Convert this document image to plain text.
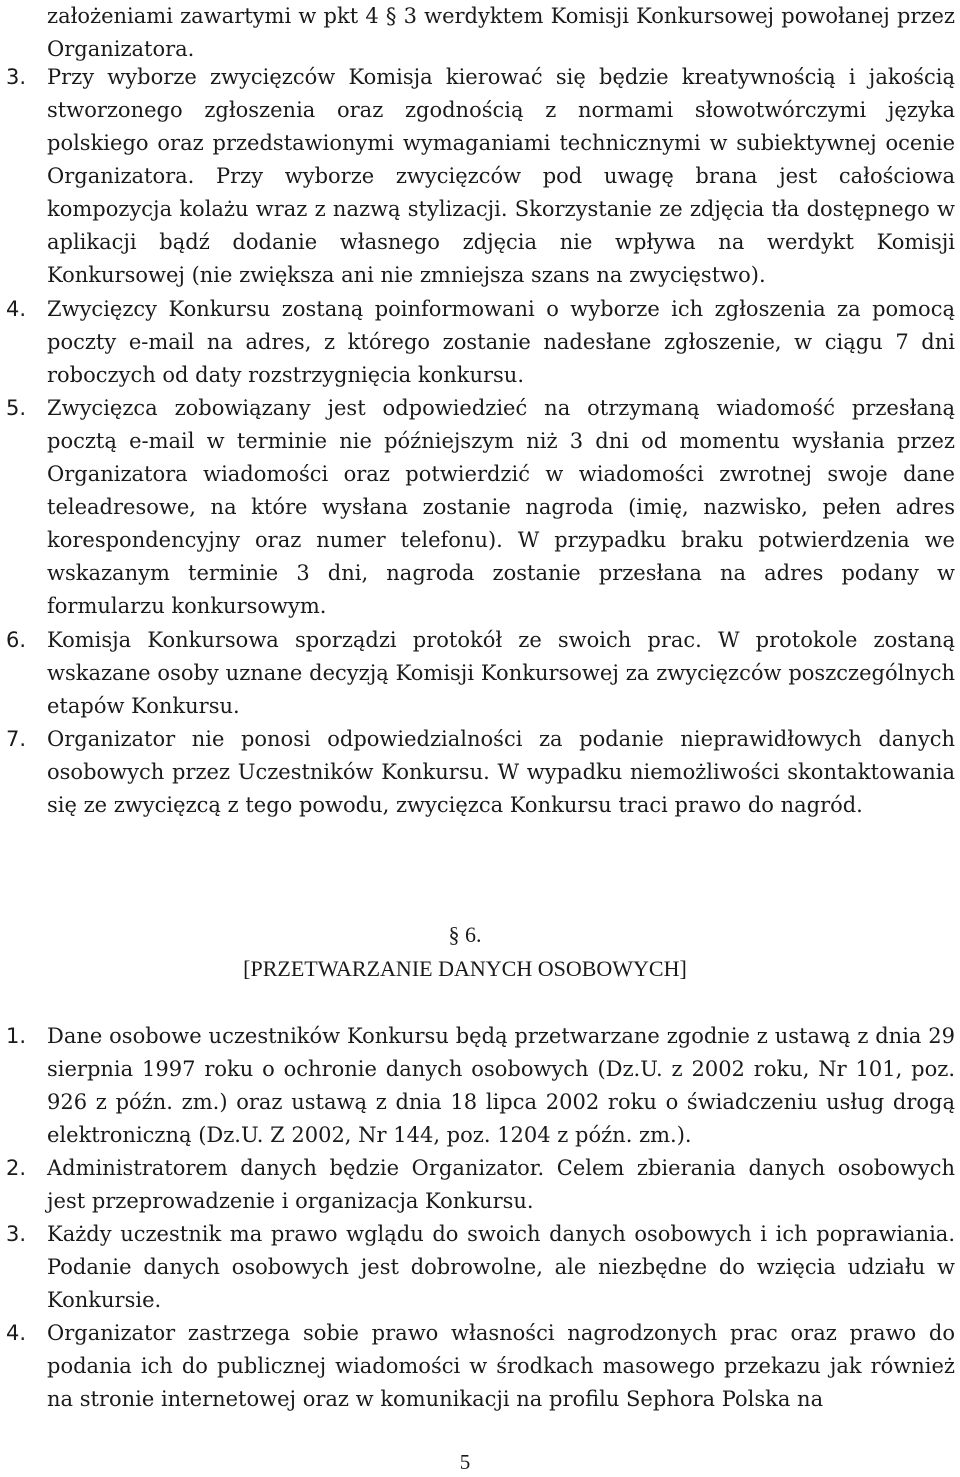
założeniami zawartymi w pkt 4 § 3 werdyktem Komisji Konkursowej powołanej przez Organizatora.
3. Przy wyborze zwycięzców Komisja kierować się będzie kreatywnością i jakością stworzonego zgłoszenia oraz zgodnością z normami słowotwórczymi języka polskiego oraz przedstawionymi wymaganiami technicznymi w subiektywnej ocenie Organizatora. Przy wyborze zwycięzców pod uwagę brana jest całościowa kompozycja kolażu wraz z nazwą stylizacji. Skorzystanie ze zdjęcia tła dostępnego w aplikacji bądź dodanie własnego zdjęcia nie wpływa na werdykt Komisji Konkursowej (nie zwiększa ani nie zmniejsza szans na zwycięstwo).
4. Zwycięzcy Konkursu zostaną poinformowani o wyborze ich zgłoszenia za pomocą poczty e-mail na adres, z którego zostanie nadesłane zgłoszenie, w ciągu 7 dni roboczych od daty rozstrzygnięcia konkursu.
5. Zwycięzca zobowiązany jest odpowiedzieć na otrzymaną wiadomość przesłaną pocztą e-mail w terminie nie późniejszym niż 3 dni od momentu wysłania przez Organizatora wiadomości oraz potwierdzić w wiadomości zwrotnej swoje dane teleadresowe, na które wysłana zostanie nagroda (imię, nazwisko, pełen adres korespondencyjny oraz numer telefonu). W przypadku braku potwierdzenia we wskazanym terminie 3 dni, nagroda zostanie przesłana na adres podany w formularzu konkursowym.
6. Komisja Konkursowa sporządzi protokół ze swoich prac. W protokole zostaną wskazane osoby uznane decyzją Komisji Konkursowej za zwycięzców poszczególnych etapów Konkursu.
7. Organizator nie ponosi odpowiedzialności za podanie nieprawidłowych danych osobowych przez Uczestników Konkursu. W wypadku niemożliwości skontaktowania się ze zwycięzcą z tego powodu, zwycięzca Konkursu traci prawo do nagród.
§ 6.
[PRZETWARZANIE DANYCH OSOBOWYCH]
1. Dane osobowe uczestników Konkursu będą przetwarzane zgodnie z ustawą z dnia 29 sierpnia 1997 roku o ochronie danych osobowych (Dz.U. z 2002 roku, Nr 101, poz. 926 z późn. zm.) oraz ustawą z dnia 18 lipca 2002 roku o świadczeniu usług drogą elektroniczną (Dz.U. Z 2002, Nr 144, poz. 1204 z późn. zm.).
2. Administratorem danych będzie Organizator. Celem zbierania danych osobowych jest przeprowadzenie i organizacja Konkursu.
3. Każdy uczestnik ma prawo wglądu do swoich danych osobowych i ich poprawiania. Podanie danych osobowych jest dobrowolne, ale niezbędne do wzięcia udziału w Konkursie.
4. Organizator zastrzega sobie prawo własności nagrodzonych prac oraz prawo do podania ich do publicznej wiadomości w środkach masowego przekazu jak również na stronie internetowej oraz w komunikacji na profilu Sephora Polska na
5
